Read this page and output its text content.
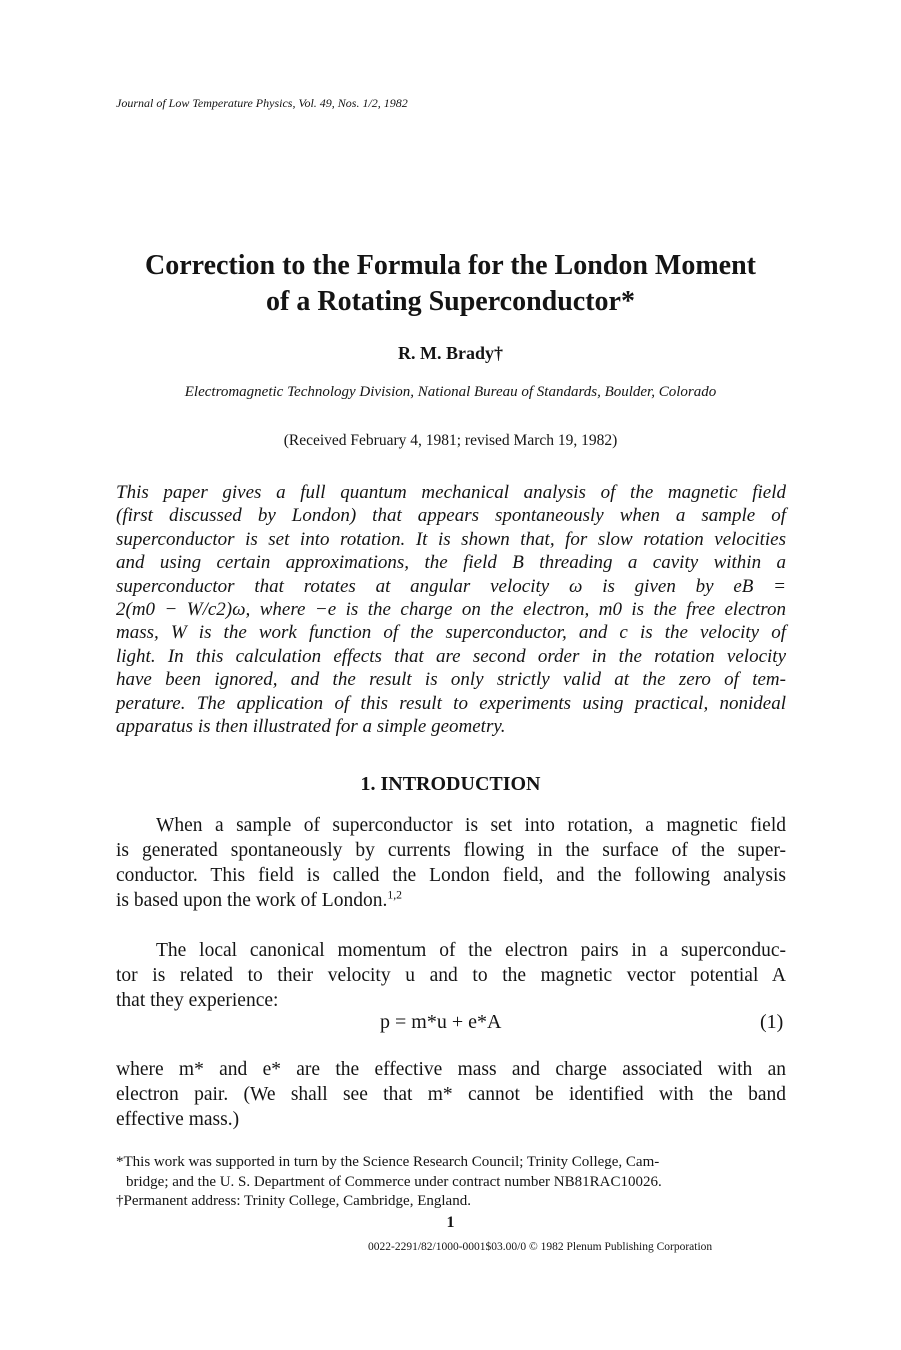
Journal of Low Temperature Physics, Vol. 49, Nos. 1/2, 1982
Correction to the Formula for the London Moment
of a Rotating Superconductor*
R. M. Brady†
Electromagnetic Technology Division, National Bureau of Standards, Boulder, Colorado
(Received February 4, 1981; revised March 19, 1982)
This paper gives a full quantum mechanical analysis of the magnetic field
(first discussed by London) that appears spontaneously when a sample of
superconductor is set into rotation. It is shown that, for slow rotation velocities
and using certain approximations, the field B threading a cavity within a
superconductor that rotates at angular velocity ω is given by eB =
2(m0 − W/c2)ω, where −e is the charge on the electron, m0 is the free electron
mass, W is the work function of the superconductor, and c is the velocity of
light. In this calculation effects that are second order in the rotation velocity
have been ignored, and the result is only strictly valid at the zero of tem-
perature. The application of this result to experiments using practical, nonideal
apparatus is then illustrated for a simple geometry.
1. INTRODUCTION
When a sample of superconductor is set into rotation, a magnetic field
is generated spontaneously by currents flowing in the surface of the super-
conductor. This field is called the London field, and the following analysis
is based upon the work of London.$^{1,2}$
The local canonical momentum of the electron pairs in a superconduc-
tor is related to their velocity u and to the magnetic vector potential A
that they experience:
p = m*u + e*A	(1)
where m* and e* are the effective mass and charge associated with an
electron pair. (We shall see that m* cannot be identified with the band
effective mass.)
*This work was supported in turn by the Science Research Council; Trinity College, Cam-
bridge; and the U. S. Department of Commerce under contract number NB81RAC10026.
†Permanent address: Trinity College, Cambridge, England.
1
0022-2291/82/1000-0001$03.00/0 © 1982 Plenum Publishing Corporation
